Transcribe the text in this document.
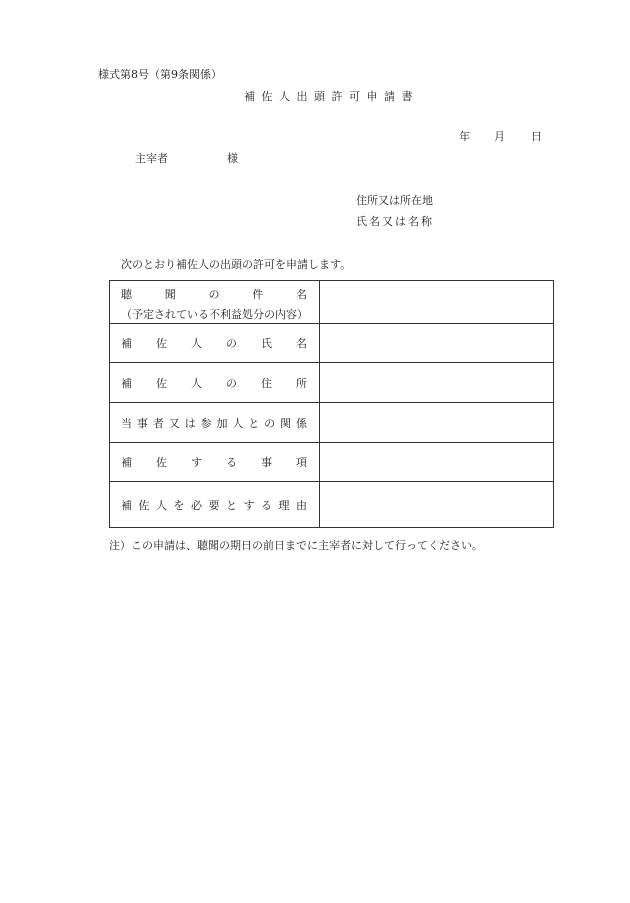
様式第8号（第9条関係）
補佐人出頭許可申請書
年 月 日
主宰者	様
住所又は所在地
氏名又は名称
次のとおり補佐人の出頭の許可を申請します。
聴	聞	の	件	名
（予定されている不利益処分の内容）
補 佐 人 の 氏 名
補 佐 人 の 住 所
当 事 者 又 は 参 加 人 と の 関 係
補 佐 す る 事 項
補 佐 人 を 必 要 と す る 理 由
注）この申請は、聴聞の期日の前日までに主宰者に対して行ってください。
